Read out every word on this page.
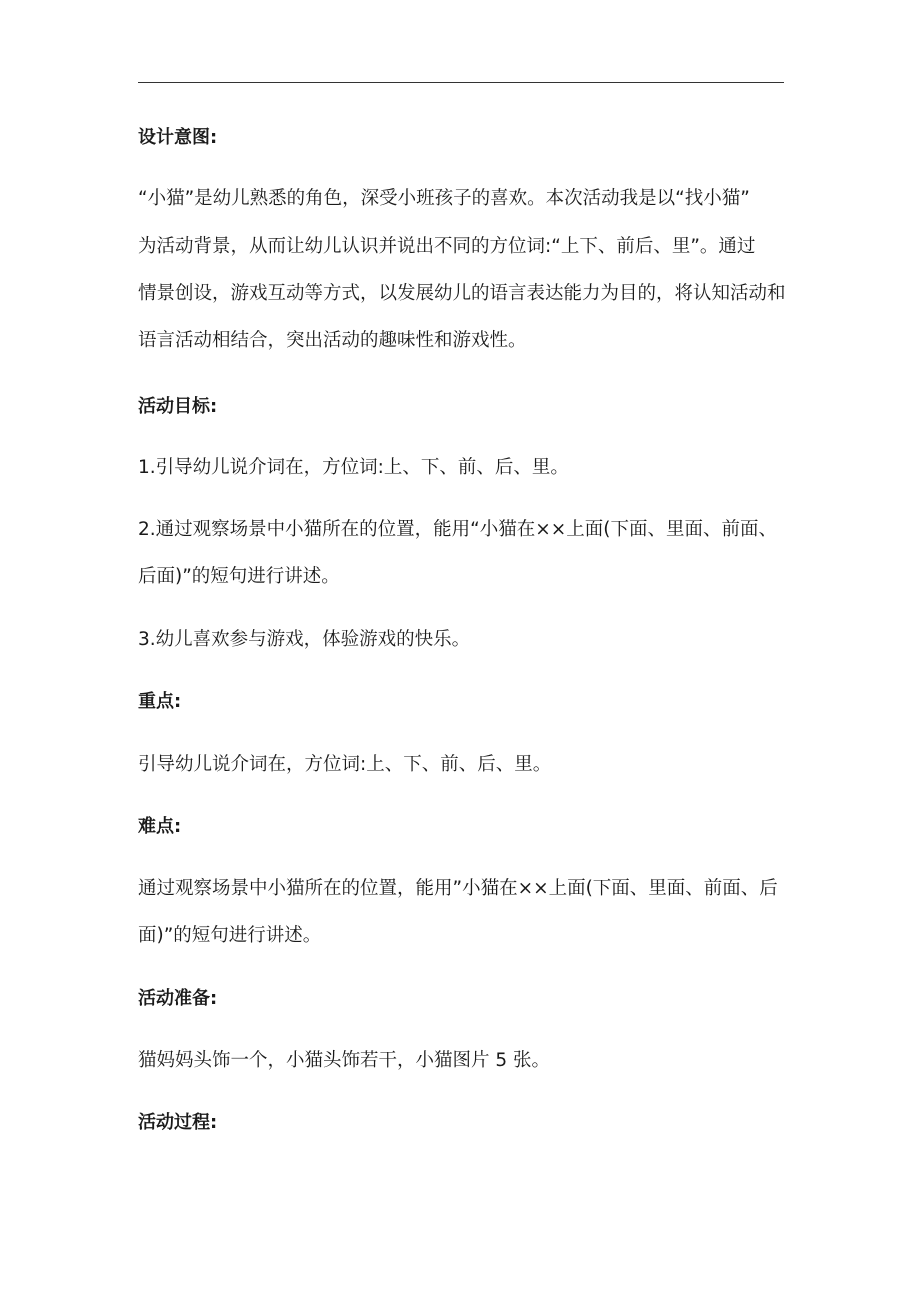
设计意图:

“小猫”是幼儿熟悉的角色，深受小班孩子的喜欢。本次活动我是以“找小猫”
为活动背景，从而让幼儿认识并说出不同的方位词:“上下、前后、里”。通过
情景创设，游戏互动等方式，以发展幼儿的语言表达能力为目的，将认知活动和
语言活动相结合，突出活动的趣味性和游戏性。

活动目标:

1.引导幼儿说介词在，方位词:上、下、前、后、里。

2.通过观察场景中小猫所在的位置，能用“小猫在××上面(下面、里面、前面、
后面)”的短句进行讲述。

3.幼儿喜欢参与游戏，体验游戏的快乐。

重点:

引导幼儿说介词在，方位词:上、下、前、后、里。

难点:

通过观察场景中小猫所在的位置，能用”小猫在××上面(下面、里面、前面、后
面)”的短句进行讲述。

活动准备:

猫妈妈头饰一个，小猫头饰若干，小猫图片 5 张。

活动过程:
